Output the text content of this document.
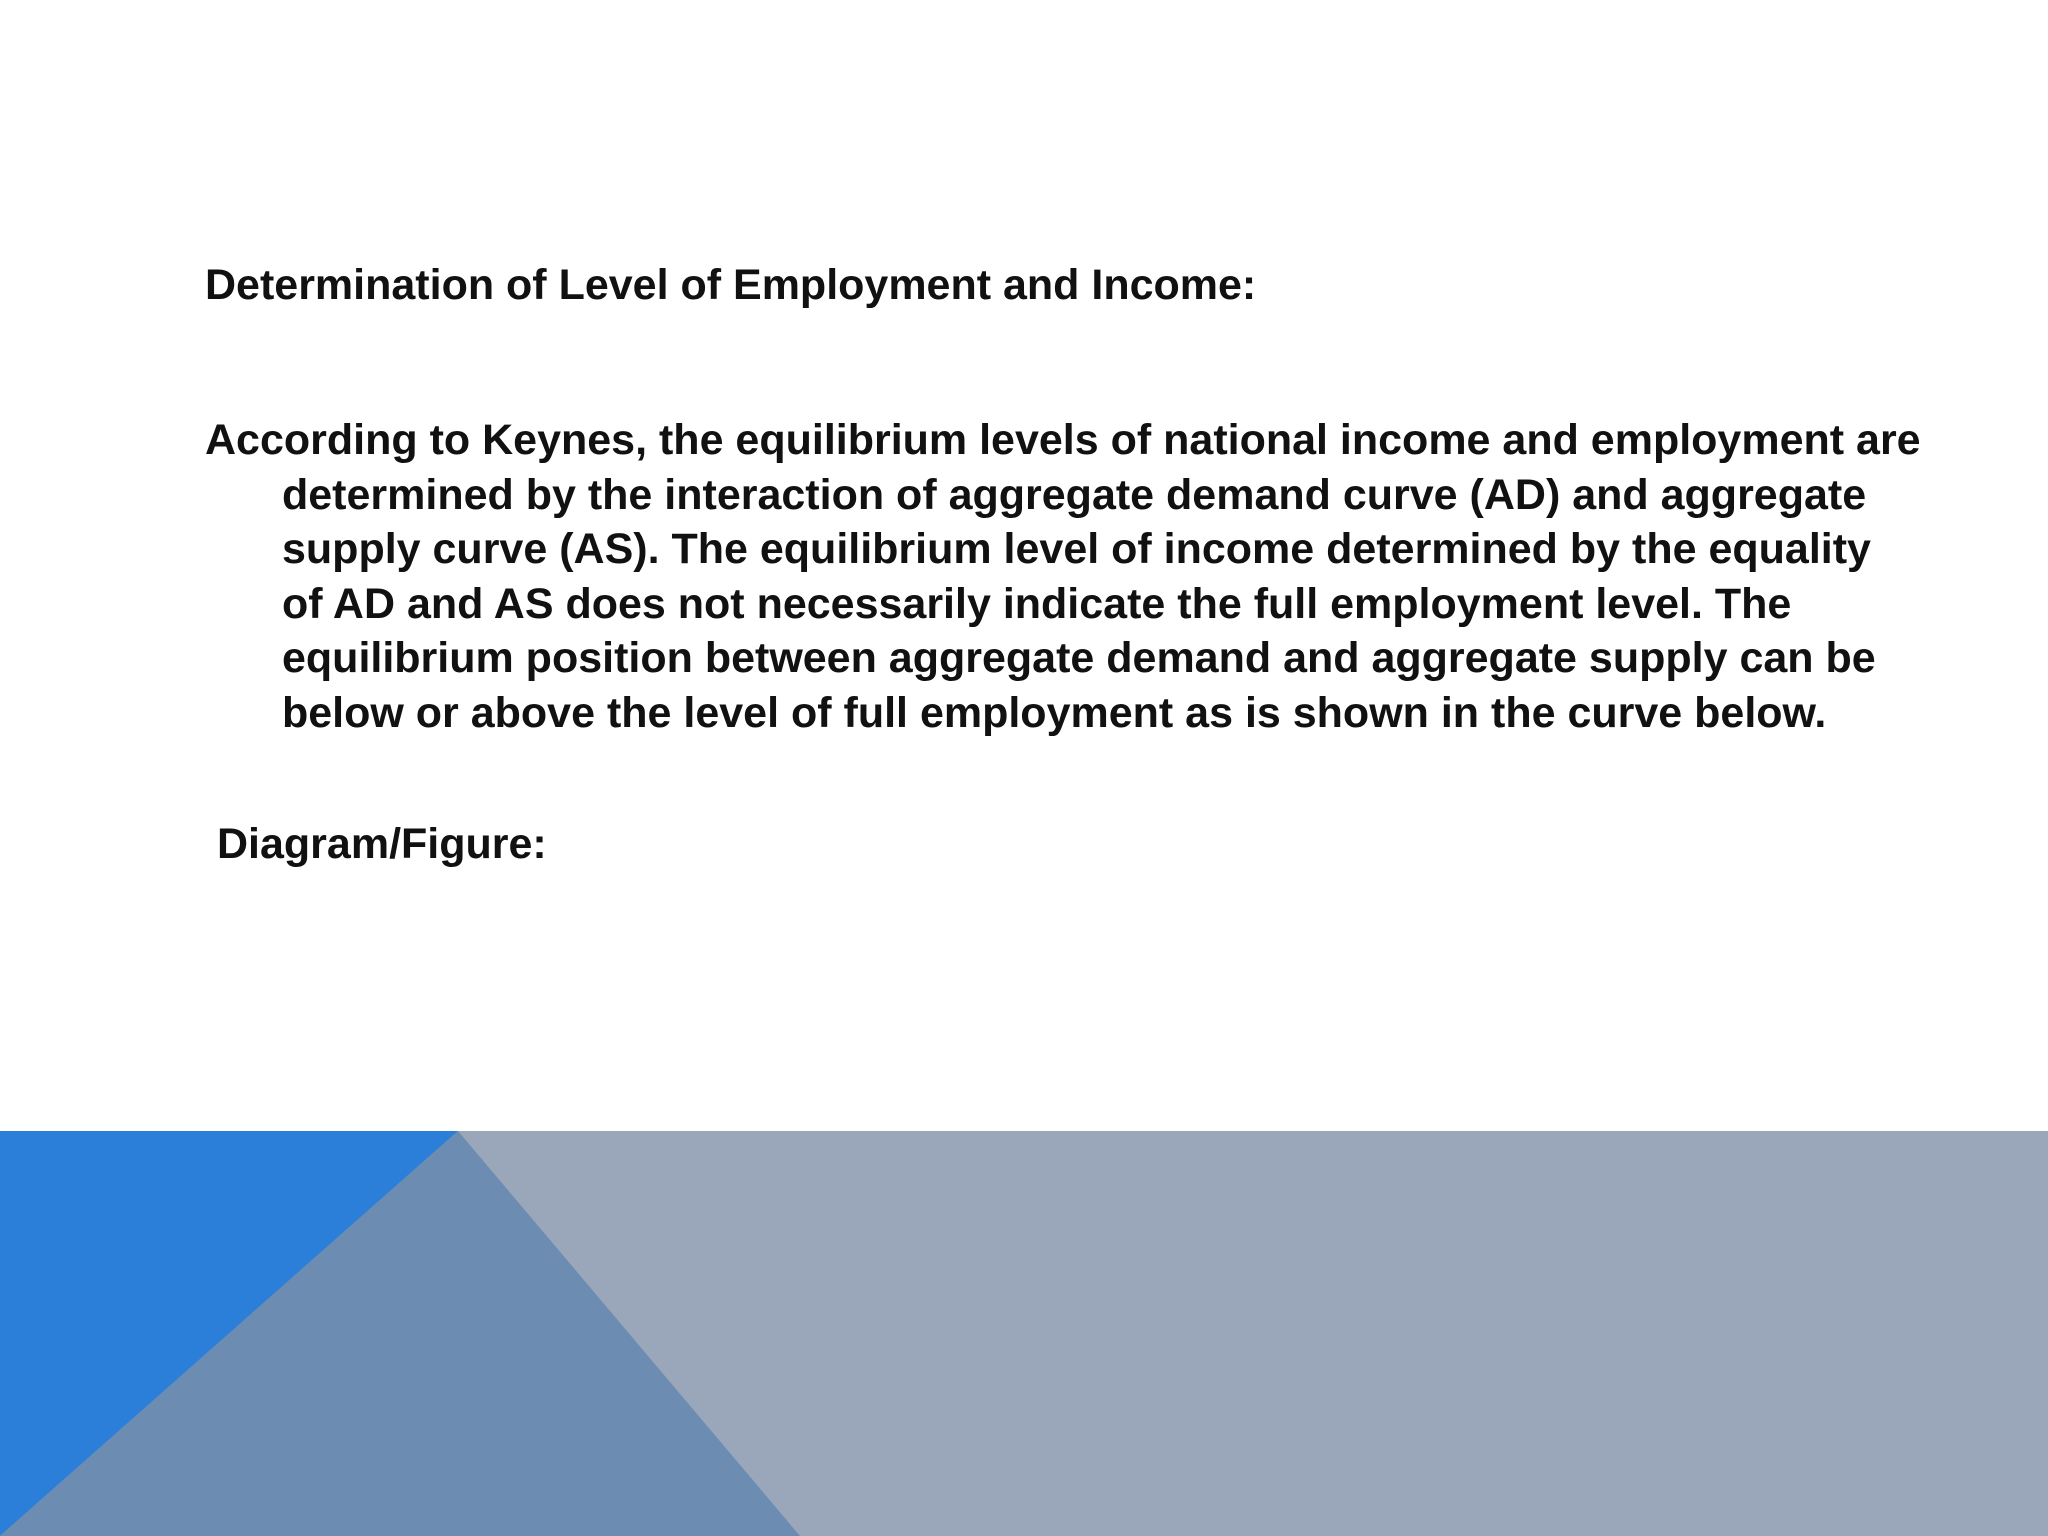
Determination of Level of Employment and Income:

According to Keynes, the equilibrium levels of national income and employment are determined by the interaction of aggregate demand curve (AD) and aggregate supply curve (AS). The equilibrium level of income determined by the equality of AD and AS does not necessarily indicate the full employment level. The equilibrium position between aggregate demand and aggregate supply can be below or above the level of full employment as is shown in the curve below.

Diagram/Figure:
